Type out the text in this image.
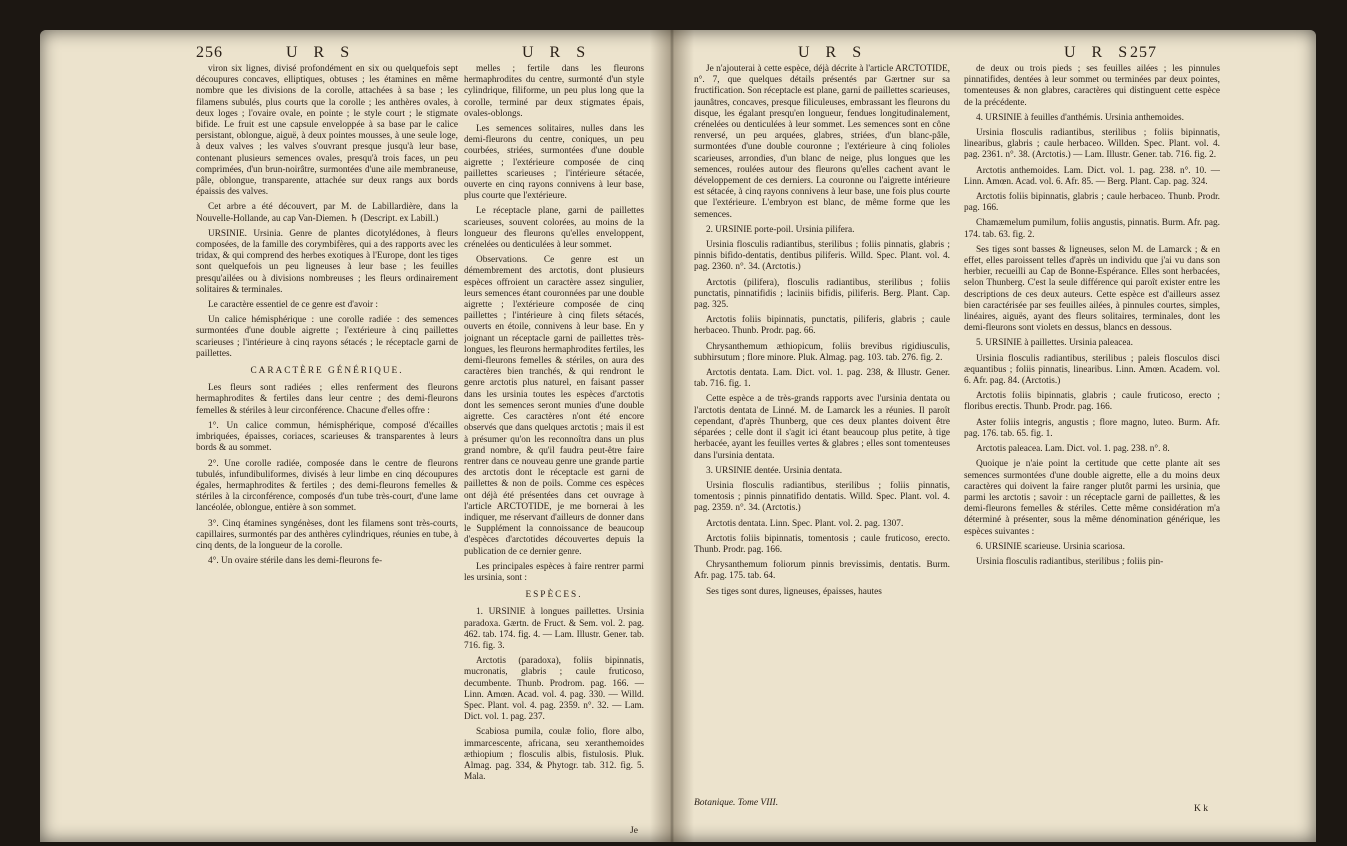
256	U R S	U R S

viron six lignes, divisé profondément en six ou quelquefois sept découpures concaves, elliptiques, obtuses ; les étamines en même nombre que les divisions de la corolle, attachées à sa base ; les filamens subulés, plus courts que la corolle ; les anthères ovales, à deux loges ; l'ovaire ovale, en pointe ; le style court ; le stigmate bifide. Le fruit est une capsule enveloppée à sa base par le calice persistant, oblongue, aiguë, à deux pointes mousses, à une seule loge, à deux valves ; les valves s'ouvrant presque jusqu'à leur base, contenant plusieurs semences ovales, presqu'à trois faces, un peu comprimées, d'un brun-noirâtre, surmontées d'une aile membraneuse, pâle, oblongue, transparente, attachée sur deux rangs aux bords épaissis des valves.

Cet arbre a été découvert, par M. de Labillardière, dans la Nouvelle-Hollande, au cap Van-Diemen. ♄ (Descript. ex Labill.)

URSINIE. Ursinia. Genre de plantes dicotylédones, à fleurs composées, de la famille des corymbifères, qui a des rapports avec les tridax, & qui comprend des herbes exotiques à l'Europe, dont les tiges sont quelquefois un peu ligneuses à leur base ; les feuilles presqu'ailées ou à divisions nombreuses ; les fleurs ordinairement solitaires & terminales.

Le caractère essentiel de ce genre est d'avoir :

Un calice hémisphérique : une corolle radiée : des semences surmontées d'une double aigrette ; l'extérieure à cinq paillettes scarieuses ; l'intérieure à cinq rayons sétacés ; le réceptacle garni de paillettes.

CARACTÈRE GÉNÉRIQUE.

Les fleurs sont radiées ; elles renferment des fleurons hermaphrodites & fertiles dans leur centre ; des demi-fleurons femelles & stériles à leur circonférence. Chacune d'elles offre :

1°. Un calice commun, hémisphérique, composé d'écailles imbriquées, épaisses, coriaces, scarieuses & transparentes à leurs bords & au sommet.

2°. Une corolle radiée, composée dans le centre de fleurons tubulés, infundibuliformes, divisés à leur limbe en cinq découpures égales, hermaphrodites & fertiles ; des demi-fleurons femelles & stériles à la circonférence, composés d'un tube très-court, d'une lame lancéolée, oblongue, entière à son sommet.

3°. Cinq étamines syngénèses, dont les filamens sont très-courts, capillaires, surmontés par des anthères cylindriques, réunies en tube, à cinq dents, de la longueur de la corolle.

4°. Un ovaire stérile dans les demi-fleurons fe-

melles ; fertile dans les fleurons hermaphrodites du centre, surmonté d'un style cylindrique, filiforme, un peu plus long que la corolle, terminé par deux stigmates épais, ovales-oblongs.

Les semences solitaires, nulles dans les demi-fleurons du centre, coniques, un peu courbées, striées, surmontées d'une double aigrette ; l'extérieure composée de cinq paillettes scarieuses ; l'intérieure sétacée, ouverte en cinq rayons connivens à leur base, plus courte que l'extérieure.

Le réceptacle plane, garni de paillettes scarieuses, souvent colorées, au moins de la longueur des fleurons qu'elles enveloppent, crénelées ou denticulées à leur sommet.

Observations. Ce genre est un démembrement des arctotis, dont plusieurs espèces offroient un caractère assez singulier, leurs semences étant couronnées par une double aigrette ; l'extérieure composée de cinq paillettes ; l'intérieure à cinq filets sétacés, ouverts en étoile, connivens à leur base. En y joignant un réceptacle garni de paillettes très-longues, les fleurons hermaphrodites fertiles, les demi-fleurons femelles & stériles, on aura des caractères bien tranchés, & qui rendront le genre arctotis plus naturel, en faisant passer dans les ursinia toutes les espèces d'arctotis dont les semences seront munies d'une double aigrette. Ces caractères n'ont été encore observés que dans quelques arctotis ; mais il est à présumer qu'on les reconnoîtra dans un plus grand nombre, & qu'il faudra peut-être faire rentrer dans ce nouveau genre une grande partie des arctotis dont le réceptacle est garni de paillettes & non de poils. Comme ces espèces ont déjà été présentées dans cet ouvrage à l'article ARCTOTIDE, je me bornerai à les indiquer, me réservant d'ailleurs de donner dans le Supplément la connoissance de beaucoup d'espèces d'arctotides découvertes depuis la publication de ce dernier genre.

Les principales espèces à faire rentrer parmi les ursinia, sont :

ESPÈCES.

1. URSINIE à longues paillettes. Ursinia paradoxa. Gærtn. de Fruct. & Sem. vol. 2. pag. 462. tab. 174. fig. 4. — Lam. Illustr. Gener. tab. 716. fig. 3.

Arctotis (paradoxa), foliis bipinnatis, mucronatis, glabris ; caule fruticoso, decumbente. Thunb. Prodrom. pag. 166. — Linn. Amœn. Acad. vol. 4. pag. 330. — Willd. Spec. Plant. vol. 4. pag. 2359. n°. 32. — Lam. Dict. vol. 1. pag. 237.

Scabiosa pumila, coulæ folio, flore albo, immarcescente, africana, seu xeranthemoides æthiopium ; flosculis albis, fistulosis. Pluk. Almag. pag. 334, & Phytogr. tab. 312. fig. 5. Mala.

Je
U R S	U R S
257

Je n'ajouterai à cette espèce, déjà décrite à l'article ARCTOTIDE, n°. 7, que quelques détails présentés par Gærtner sur sa fructification. Son réceptacle est plane, garni de paillettes scarieuses, jaunâtres, concaves, presque filiculeuses, embrassant les fleurons du disque, les égalant presqu'en longueur, fendues longitudinalement, crénelées ou denticulées à leur sommet. Les semences sont en cône renversé, un peu arquées, glabres, striées, d'un blanc-pâle, surmontées d'une double couronne ; l'extérieure à cinq folioles scarieuses, arrondies, d'un blanc de neige, plus longues que les semences, roulées autour des fleurons qu'elles cachent avant le développement de ces derniers. La couronne ou l'aigrette intérieure est sétacée, à cinq rayons connivens à leur base, une fois plus courte que l'extérieure. L'embryon est blanc, de même forme que les semences.

2. URSINIE porte-poil. Ursinia pilifera.

Ursinia flosculis radiantibus, sterilibus ; foliis pinnatis, glabris ; pinnis bifido-dentatis, dentibus piliferis. Willd. Spec. Plant. vol. 4. pag. 2360. n°. 34. (Arctotis.)

Arctotis (pilifera), flosculis radiantibus, sterilibus ; foliis punctatis, pinnatifidis ; laciniis bifidis, piliferis. Berg. Plant. Cap. pag. 325.

Arctotis foliis bipinnatis, punctatis, piliferis, glabris ; caule herbaceo. Thunb. Prodr. pag. 66.

Chrysanthemum æthiopicum, foliis brevibus rigidiusculis, subhirsutum ; flore minore. Pluk. Almag. pag. 103. tab. 276. fig. 2.

Arctotis dentata. Lam. Dict. vol. 1. pag. 238, & Illustr. Gener. tab. 716. fig. 1.

Cette espèce a de très-grands rapports avec l'ursinia dentata ou l'arctotis dentata de Linné. M. de Lamarck les a réunies. Il paroît cependant, d'après Thunberg, que ces deux plantes doivent être séparées ; celle dont il s'agit ici étant beaucoup plus petite, à tige herbacée, ayant les feuilles vertes & glabres ; elles sont tomenteuses dans l'ursinia dentata.

3. URSINIE dentée. Ursinia dentata.

Ursinia flosculis radiantibus, sterilibus ; foliis pinnatis, tomentosis ; pinnis pinnatifido dentatis. Willd. Spec. Plant. vol. 4. pag. 2359. n°. 34. (Arctotis.)

Arctotis dentata. Linn. Spec. Plant. vol. 2. pag. 1307.

Arctotis foliis bipinnatis, tomentosis ; caule fruticoso, erecto. Thunb. Prodr. pag. 166.

Chrysanthemum foliorum pinnis brevissimis, dentatis. Burm. Afr. pag. 175. tab. 64.

Ses tiges sont dures, ligneuses, épaisses, hautes

de deux ou trois pieds ; ses feuilles ailées ; les pinnules pinnatifides, dentées à leur sommet ou terminées par deux pointes, tomenteuses & non glabres, caractères qui distinguent cette espèce de la précédente.

4. URSINIE à feuilles d'anthémis. Ursinia anthemoides.

Ursinia flosculis radiantibus, sterilibus ; foliis bipinnatis, linearibus, glabris ; caule herbaceo. Willden. Spec. Plant. vol. 4. pag. 2361. n°. 38. (Arctotis.) — Lam. Illustr. Gener. tab. 716. fig. 2.

Arctotis anthemoides. Lam. Dict. vol. 1. pag. 238. n°. 10. — Linn. Amœn. Acad. vol. 6. Afr. 85. — Berg. Plant. Cap. pag. 324.

Arctotis foliis bipinnatis, glabris ; caule herbaceo. Thunb. Prodr. pag. 166.

Chamæmelum pumilum, foliis angustis, pinnatis. Burm. Afr. pag. 174. tab. 63. fig. 2.

Ses tiges sont basses & ligneuses, selon M. de Lamarck ; & en effet, elles paroissent telles d'après un individu que j'ai vu dans son herbier, recueilli au Cap de Bonne-Espérance. Elles sont herbacées, selon Thunberg. C'est la seule différence qui paroît exister entre les descriptions de ces deux auteurs. Cette espèce est d'ailleurs assez bien caractérisée par ses feuilles ailées, à pinnules courtes, simples, linéaires, aiguës, ayant des fleurs solitaires, terminales, dont les demi-fleurons sont violets en dessus, blancs en dessous.

5. URSINIE à paillettes. Ursinia paleacea.

Ursinia flosculis radiantibus, sterilibus ; paleis flosculos disci æquantibus ; foliis pinnatis, linearibus. Linn. Amœn. Academ. vol. 6. Afr. pag. 84. (Arctotis.)

Arctotis foliis bipinnatis, glabris ; caule fruticoso, erecto ; floribus erectis. Thunb. Prodr. pag. 166.

Aster foliis integris, angustis ; flore magno, luteo. Burm. Afr. pag. 176. tab. 65. fig. 1.

Arctotis paleacea. Lam. Dict. vol. 1. pag. 238. n°. 8.

Quoique je n'aie point la certitude que cette plante ait ses semences surmontées d'une double aigrette, elle a du moins deux caractères qui doivent la faire ranger plutôt parmi les ursinia, que parmi les arctotis ; savoir : un réceptacle garni de paillettes, & les demi-fleurons femelles & stériles. Cette même considération m'a déterminé à présenter, sous la même dénomination générique, les espèces suivantes :

6. URSINIE scarieuse. Ursinia scariosa.

Ursinia flosculis radiantibus, sterilibus ; foliis pin-

Botanique. Tome VIII.
K k
